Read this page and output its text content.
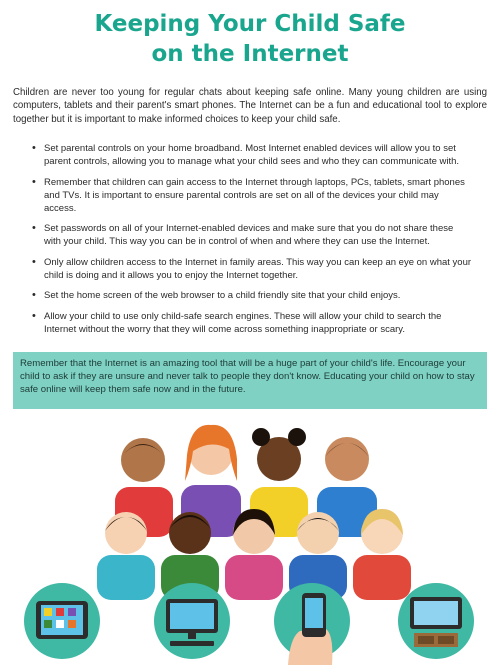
Keeping Your Child Safe
on the Internet

Children are never too young for regular chats about keeping safe online. Many young children are using computers, tablets and their parent's smart phones. The Internet can be a fun and educational tool to explore together but it is important to make informed choices to keep your child safe.

• Set parental controls on your home broadband. Most Internet enabled devices will allow you to set parent controls, allowing you to manage what your child sees and who they can communicate with.
• Remember that children can gain access to the Internet through laptops, PCs, tablets, smart phones and TVs. It is important to ensure parental controls are set on all of the devices your child may access.
• Set passwords on all of your Internet-enabled devices and make sure that you do not share these with your child. This way you can be in control of when and where they can use the Internet.
• Only allow children access to the Internet in family areas. This way you can keep an eye on what your child is doing and it allows you to enjoy the Internet together.
• Set the home screen of the web browser to a child friendly site that your child enjoys.
• Allow your child to use only child-safe search engines. These will allow your child to search the Internet without the worry that they will come across something inappropriate or scary.
Remember that the Internet is an amazing tool that will be a huge part of your child's life. Encourage your child to ask if they are unsure and never talk to people they don't know. Educating your child on how to stay safe online will keep them safe now and in the future.
